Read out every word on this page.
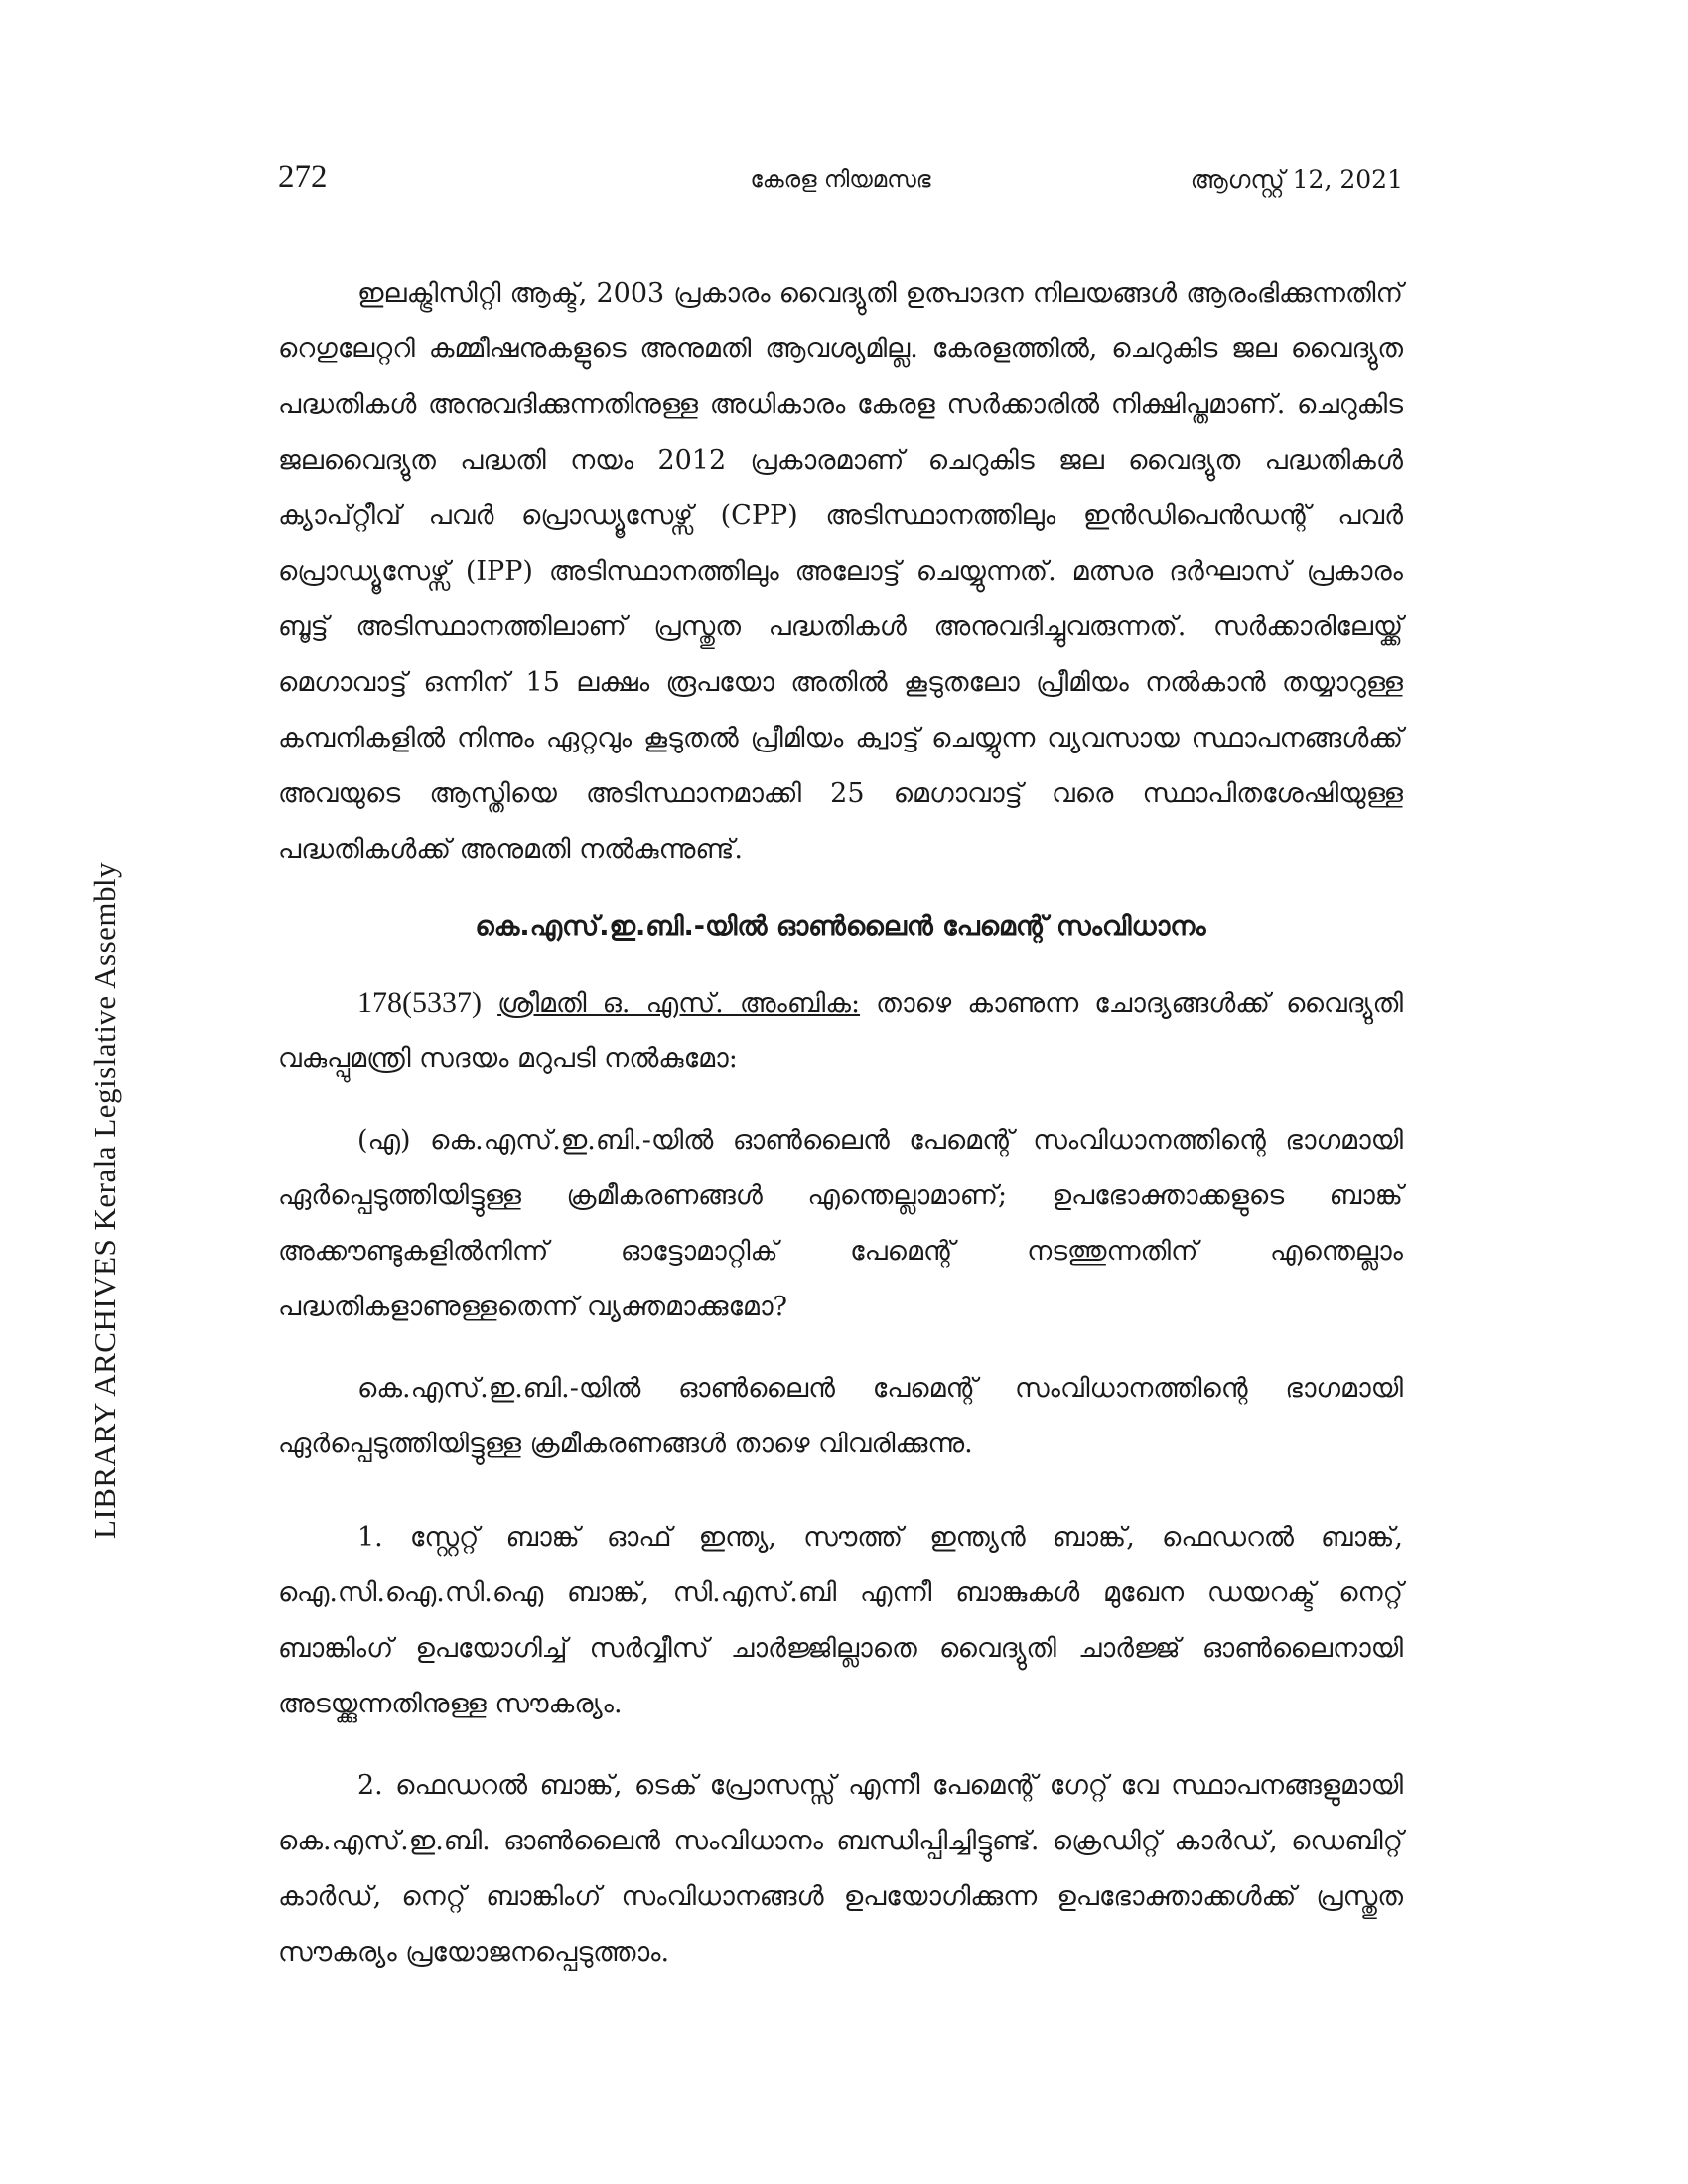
LIBRARY ARCHIVES Kerala Legislative Assembly
272	കേരള നിയമസഭ	ആഗസ്റ്റ് 12, 2021

ഇലക്ട്രിസിറ്റി ആക്ട്, 2003 പ്രകാരം വൈദ്യുതി ഉത്പാദന നിലയങ്ങൾ ആരംഭിക്കുന്നതിന് റെഗുലേറ്ററി കമ്മീഷനുകളുടെ അനുമതി ആവശ്യമില്ല. കേരളത്തിൽ, ചെറുകിട ജല വൈദ്യുത പദ്ധതികൾ അനുവദിക്കുന്നതിനുള്ള അധികാരം കേരള സർക്കാരിൽ നിക്ഷിപ്തമാണ്. ചെറുകിട ജലവൈദ്യുത പദ്ധതി നയം 2012 പ്രകാരമാണ് ചെറുകിട ജല വൈദ്യുത പദ്ധതികൾ ക്യാപ്റ്റീവ് പവർ പ്രൊഡ്യൂസേഴ്സ് (CPP) അടിസ്ഥാനത്തിലും ഇൻഡിപെൻഡന്റ് പവർ പ്രൊഡ്യൂസേഴ്സ് (IPP) അടിസ്ഥാനത്തിലും അലോട്ട് ചെയ്യുന്നത്. മത്സര ദർഘാസ് പ്രകാരം ബൂട്ട് അടിസ്ഥാനത്തിലാണ് പ്രസ്തുത പദ്ധതികൾ അനുവദിച്ചുവരുന്നത്. സർക്കാരിലേയ്ക്ക് മെഗാവാട്ട് ഒന്നിന് 15 ലക്ഷം രൂപയോ അതിൽ കൂടുതലോ പ്രീമിയം നൽകാൻ തയ്യാറുള്ള കമ്പനികളിൽ നിന്നും ഏറ്റവും കൂടുതൽ പ്രീമിയം ക്വാട്ട് ചെയ്യുന്ന വ്യവസായ സ്ഥാപനങ്ങൾക്ക് അവയുടെ ആസ്തിയെ അടിസ്ഥാനമാക്കി 25 മെഗാവാട്ട് വരെ സ്ഥാപിതശേഷിയുള്ള പദ്ധതികൾക്ക് അനുമതി നൽകുന്നുണ്ട്.

കെ.എസ്.ഇ.ബി.-യിൽ ഓൺലൈൻ പേമെന്റ് സംവിധാനം

178(5337) ശ്രീമതി ഒ. എസ്. അംബിക: താഴെ കാണുന്ന ചോദ്യങ്ങൾക്ക് വൈദ്യുതി വകുപ്പുമന്ത്രി സദയം മറുപടി നൽകുമോ:

(എ) കെ.എസ്.ഇ.ബി.-യിൽ ഓൺലൈൻ പേമെന്റ് സംവിധാനത്തിന്റെ ഭാഗമായി ഏർപ്പെടുത്തിയിട്ടുള്ള ക്രമീകരണങ്ങൾ എന്തെല്ലാമാണ്; ഉപഭോക്താക്കളുടെ ബാങ്ക് അക്കൗണ്ടുകളിൽനിന്ന് ഓട്ടോമാറ്റിക് പേമെന്റ് നടത്തുന്നതിന് എന്തെല്ലാം പദ്ധതികളാണുള്ളതെന്ന് വ്യക്തമാക്കുമോ?

കെ.എസ്.ഇ.ബി.-യിൽ ഓൺലൈൻ പേമെന്റ് സംവിധാനത്തിന്റെ ഭാഗമായി ഏർപ്പെടുത്തിയിട്ടുള്ള ക്രമീകരണങ്ങൾ താഴെ വിവരിക്കുന്നു.

1. സ്റ്റേറ്റ് ബാങ്ക് ഓഫ് ഇന്ത്യ, സൗത്ത് ഇന്ത്യൻ ബാങ്ക്, ഫെഡറൽ ബാങ്ക്, ഐ.സി.ഐ.സി.ഐ ബാങ്ക്, സി.എസ്.ബി എന്നീ ബാങ്കുകൾ മുഖേന ഡയറക്ട് നെറ്റ് ബാങ്കിംഗ് ഉപയോഗിച്ച് സർവ്വീസ് ചാർജ്ജില്ലാതെ വൈദ്യുതി ചാർജ്ജ് ഓൺലൈനായി അടയ്ക്കുന്നതിനുള്ള സൗകര്യം.

2. ഫെഡറൽ ബാങ്ക്, ടെക് പ്രോസസ്സ് എന്നീ പേമെന്റ് ഗേറ്റ് വേ സ്ഥാപനങ്ങളുമായി കെ.എസ്.ഇ.ബി. ഓൺലൈൻ സംവിധാനം ബന്ധിപ്പിച്ചിട്ടുണ്ട്. ക്രെഡിറ്റ് കാർഡ്, ഡെബിറ്റ് കാർഡ്, നെറ്റ് ബാങ്കിംഗ് സംവിധാനങ്ങൾ ഉപയോഗിക്കുന്ന ഉപഭോക്താക്കൾക്ക് പ്രസ്തുത സൗകര്യം പ്രയോജനപ്പെടുത്താം.
